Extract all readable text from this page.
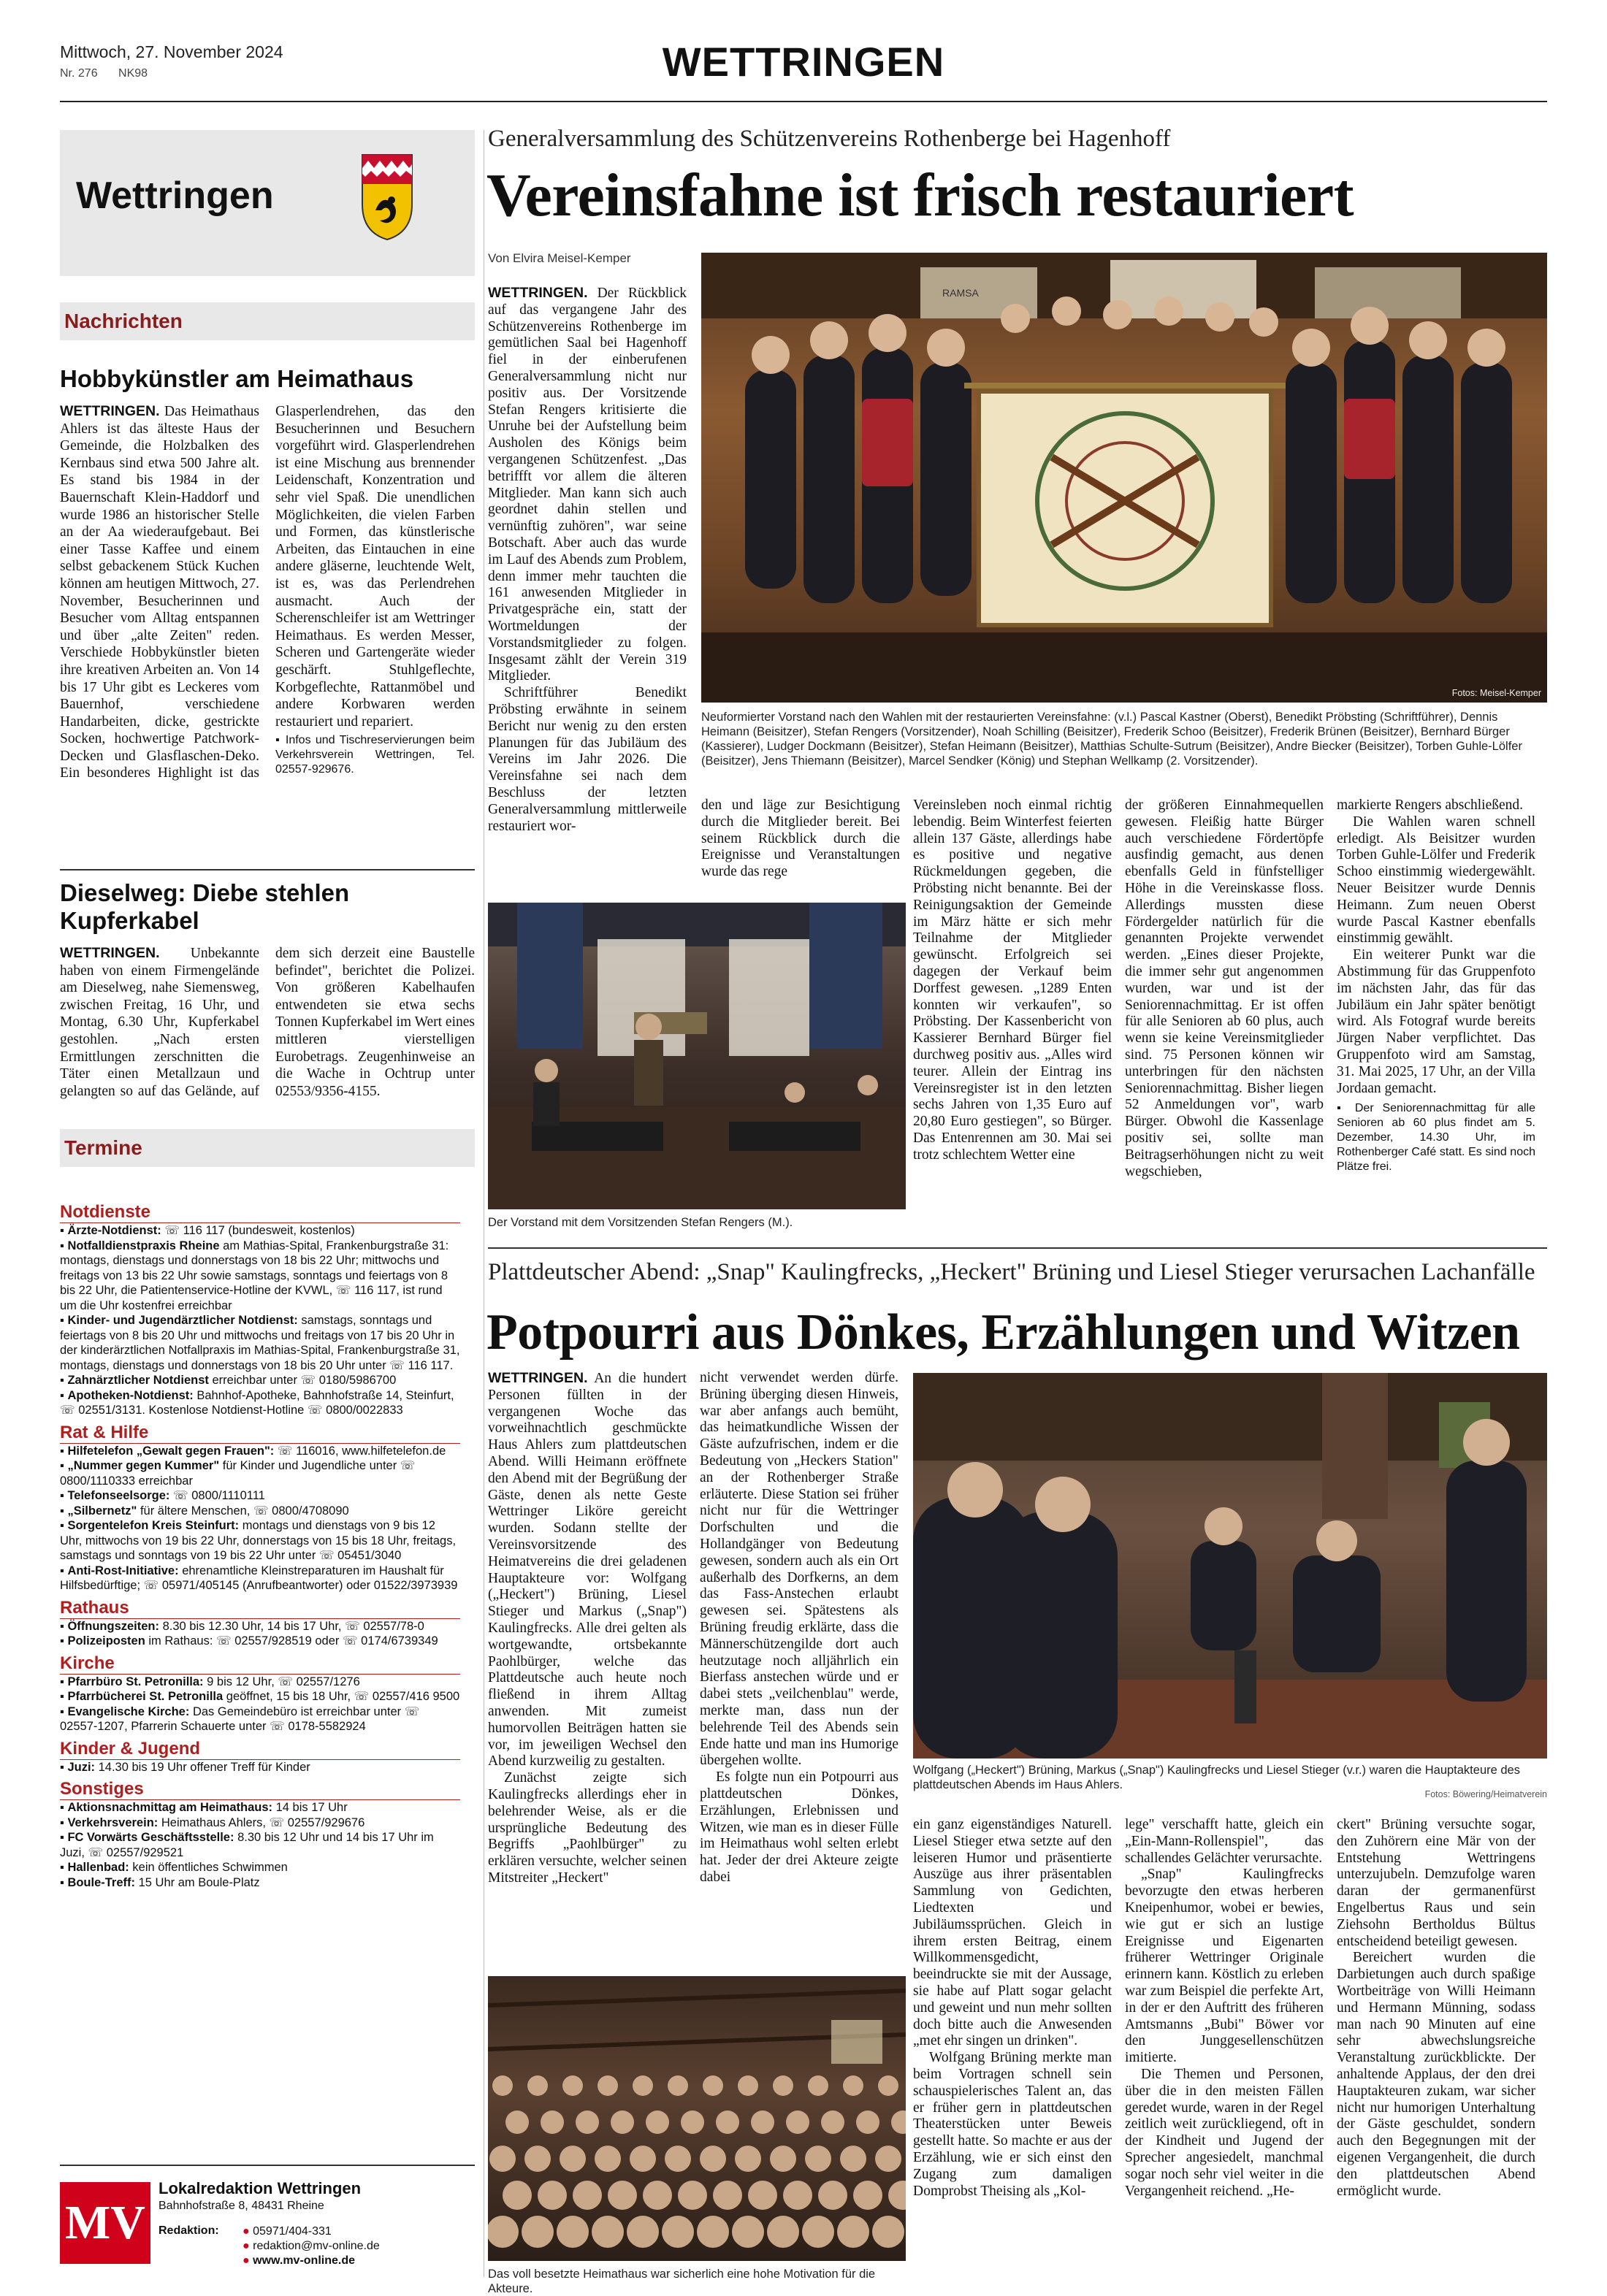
Mittwoch, 27. November 2024
Nr. 276 NK98	WETTRINGEN
Wettringen
Nachrichten
Hobbykünstler am Heimathaus
WETTRINGEN. Das Heimathaus Ahlers ist das älteste Haus der Gemeinde, die Holzbalken des Kernbaus sind etwa 500 Jahre alt. Es stand bis 1984 in der Bauernschaft Klein-Haddorf und wurde 1986 an historischer Stelle an der Aa wiederaufgebaut. Bei einer Tasse Kaffee und einem selbst gebackenem Stück Kuchen können am heutigen Mittwoch, 27. November, Besucherinnen und Besucher vom Alltag entspannen und über „alte Zeiten" reden. Verschiede Hobbykünstler bieten ihre kreativen Arbeiten an. Von 14 bis 17 Uhr gibt es Leckeres vom Bauernhof, verschiedene Handarbeiten, dicke, gestrickte Socken, hochwertige Patchwork-Decken und Glasflaschen-Deko. Ein besonderes Highlight ist das Glasperlendrehen, das den Besucherinnen und Besuchern vorgeführt wird. Glasperlendrehen ist eine Mischung aus brennender Leidenschaft, Konzentration und sehr viel Spaß. Die unendlichen Möglichkeiten, die vielen Farben und Formen, das künstlerische Arbeiten, das Eintauchen in eine andere gläserne, leuchtende Welt, ist es, was das Perlendrehen ausmacht. Auch der Scherenschleifer ist am Wettringer Heimathaus. Es werden Messer, Scheren und Gartengeräte wieder geschärft. Stuhlgeflechte, Korbgeflechte, Rattanmöbel und andere Korbwaren werden restauriert und repariert.
▪ Infos und Tischreservierungen beim Verkehrsverein Wettringen, Tel. 02557-929676.
Dieselweg: Diebe stehlen Kupferkabel
WETTRINGEN. Unbekannte haben von einem Firmengelände am Dieselweg, nahe Siemensweg, zwischen Freitag, 16 Uhr, und Montag, 6.30 Uhr, Kupferkabel gestohlen. „Nach ersten Ermittlungen zerschnitten die Täter einen Metallzaun und gelangten so auf das Gelände, auf dem sich derzeit eine Baustelle befindet", berichtet die Polizei. Von größeren Kabelhaufen entwendeten sie etwa sechs Tonnen Kupferkabel im Wert eines mittleren vierstelligen Eurobetrags. Zeugenhinweise an die Wache in Ochtrup unter 02553/9356-4155.
Termine
Notdienste
▪ Ärzte-Notdienst: ☏ 116 117 (bundesweit, kostenlos)
▪ Notfalldienstpraxis Rheine am Mathias-Spital, Frankenburgstraße 31: montags, dienstags und donnerstags von 18 bis 22 Uhr; mittwochs und freitags von 13 bis 22 Uhr sowie samstags, sonntags und feiertags von 8 bis 22 Uhr, die Patientenservice-Hotline der KVWL, ☏ 116 117, ist rund um die Uhr kostenfrei erreichbar
▪ Kinder- und Jugendärztlicher Notdienst: samstags, sonntags und feiertags von 8 bis 20 Uhr und mittwochs und freitags von 17 bis 20 Uhr in der kinderärztlichen Notfallpraxis im Mathias-Spital, Frankenburgstraße 31, montags, dienstags und donnerstags von 18 bis 20 Uhr unter ☏ 116 117.
▪ Zahnärztlicher Notdienst erreichbar unter ☏ 0180/5986700
▪ Apotheken-Notdienst: Bahnhof-Apotheke, Bahnhofstraße 14, Steinfurt, ☏ 02551/3131. Kostenlose Notdienst-Hotline ☏ 0800/0022833
Rat & Hilfe
▪ Hilfetelefon „Gewalt gegen Frauen": ☏ 116016, www.hilfetelefon.de
▪ „Nummer gegen Kummer" für Kinder und Jugendliche unter ☏ 0800/1110333 erreichbar
▪ Telefonseelsorge: ☏ 0800/1110111
▪ „Silbernetz" für ältere Menschen, ☏ 0800/4708090
▪ Sorgentelefon Kreis Steinfurt: montags und dienstags von 9 bis 12 Uhr, mittwochs von 19 bis 22 Uhr, donnerstags von 15 bis 18 Uhr, freitags, samstags und sonntags von 19 bis 22 Uhr unter ☏ 05451/3040
▪ Anti-Rost-Initiative: ehrenamtliche Kleinstreparaturen im Haushalt für Hilfsbedürftige; ☏ 05971/405145 (Anrufbeantworter) oder 01522/3973939
Rathaus
▪ Öffnungszeiten: 8.30 bis 12.30 Uhr, 14 bis 17 Uhr, ☏ 02557/78-0
▪ Polizeiposten im Rathaus: ☏ 02557/928519 oder ☏ 0174/6739349
Kirche
▪ Pfarrbüro St. Petronilla: 9 bis 12 Uhr, ☏ 02557/1276
▪ Pfarrbücherei St. Petronilla geöffnet, 15 bis 18 Uhr, ☏ 02557/416 9500
▪ Evangelische Kirche: Das Gemeindebüro ist erreichbar unter ☏ 02557-1207, Pfarrerin Schauerte unter ☏ 0178-5582924
Kinder & Jugend
▪ Juzi: 14.30 bis 19 Uhr offener Treff für Kinder
Sonstiges
▪ Aktionsnachmittag am Heimathaus: 14 bis 17 Uhr
▪ Verkehrsverein: Heimathaus Ahlers, ☏ 02557/929676
▪ FC Vorwärts Geschäftsstelle: 8.30 bis 12 Uhr und 14 bis 17 Uhr im Juzi, ☏ 02557/929521
▪ Hallenbad: kein öffentliches Schwimmen
▪ Boule-Treff: 15 Uhr am Boule-Platz
MV
Lokalredaktion Wettringen
Bahnhofstraße 8, 48431 Rheine
Redaktion: ● 05971/404-331
● redaktion@mv-online.de
● www.mv-online.de
Generalversammlung des Schützenvereins Rothenberge bei Hagenhoff
Vereinsfahne ist frisch restauriert
Von Elvira Meisel-Kemper
WETTRINGEN. Der Rückblick auf das vergangene Jahr des Schützenvereins Rothenberge im gemütlichen Saal bei Hagenhoff fiel in der einberufenen Generalversammlung nicht nur positiv aus. Der Vorsitzende Stefan Rengers kritisierte die Unruhe bei der Aufstellung beim Ausholen des Königs beim vergangenen Schützenfest. „Das betriffft vor allem die älteren Mitglieder. Man kann sich auch geordnet dahin stellen und vernünftig zuhören", war seine Botschaft. Aber auch das wurde im Lauf des Abends zum Problem, denn immer mehr tauchten die 161 anwesenden Mitglieder in Privatgespräche ein, statt der Wortmeldungen der Vorstandsmitglieder zu folgen. Insgesamt zählt der Verein 319 Mitglieder.
Schriftführer Benedikt Pröbsting erwähnte in seinem Bericht nur wenig zu den ersten Planungen für das Jubiläum des Vereins im Jahr 2026. Die Vereinsfahne sei nach dem Beschluss der letzten Generalversammlung mittlerweile restauriert wor-
RAMSA
Neuformierter Vorstand nach den Wahlen mit der restaurierten Vereinsfahne: (v.l.) Pascal Kastner (Oberst), Benedikt Pröbsting (Schriftführer), Dennis Heimann (Beisitzer), Stefan Rengers (Vorsitzender), Noah Schilling (Beisitzer), Frederik Schoo (Beisitzer), Frederik Brünen (Beisitzer), Bernhard Bürger (Kassierer), Ludger Dockmann (Beisitzer), Stefan Heimann (Beisitzer), Matthias Schulte-Sutrum (Beisitzer), Andre Biecker (Beisitzer), Torben Guhle-Lölfer (Beisitzer), Jens Thiemann (Beisitzer), Marcel Sendker (König) und Stephan Wellkamp (2. Vorsitzender).
Fotos: Meisel-Kemper
Der Vorstand mit dem Vorsitzenden Stefan Rengers (M.).
den und läge zur Besichtigung durch die Mitglieder bereit. Bei seinem Rückblick durch die Ereignisse und Veranstaltungen wurde das rege
Vereinsleben noch einmal richtig lebendig. Beim Winterfest feierten allein 137 Gäste, allerdings habe es positive und negative Rückmeldungen gegeben, die Pröbsting nicht benannte. Bei der Reinigungsaktion der Gemeinde im März hätte er sich mehr Teilnahme der Mitglieder gewünscht. Erfolgreich sei dagegen der Verkauf beim Dorffest gewesen. „1289 Enten konnten wir verkaufen", so Pröbsting. Der Kassenbericht von Kassierer Bernhard Bürger fiel durchweg positiv aus. „Alles wird teurer. Allein der Eintrag ins Vereinsregister ist in den letzten sechs Jahren von 1,35 Euro auf 20,80 Euro gestiegen", so Bürger. Das Entenrennen am 30. Mai sei trotz schlechtem Wetter eine
der größeren Einnahmequellen gewesen. Fleißig hatte Bürger auch verschiedene Fördertöpfe ausfindig gemacht, aus denen ebenfalls Geld in fünfstelliger Höhe in die Vereinskasse floss. Allerdings mussten diese Fördergelder natürlich für die genannten Projekte verwendet werden. „Eines dieser Projekte, die immer sehr gut angenommen wurden, war und ist der Seniorennachmittag. Er ist offen für alle Senioren ab 60 plus, auch wenn sie keine Vereinsmitglieder sind. 75 Personen können wir unterbringen für den nächsten Seniorennachmittag. Bisher liegen 52 Anmeldungen vor", warb Bürger. Obwohl die Kassenlage positiv sei, sollte man Beitragserhöhungen nicht zu weit wegschieben,
markierte Rengers abschließend.
Die Wahlen waren schnell erledigt. Als Beisitzer wurden Torben Guhle-Lölfer und Frederik Schoo einstimmig wiedergewählt. Neuer Beisitzer wurde Dennis Heimann. Zum neuen Oberst wurde Pascal Kastner ebenfalls einstimmig gewählt.
Ein weiterer Punkt war die Abstimmung für das Gruppenfoto im nächsten Jahr, das für das Jubiläum ein Jahr später benötigt wird. Als Fotograf wurde bereits Jürgen Naber verpflichtet. Das Gruppenfoto wird am Samstag, 31. Mai 2025, 17 Uhr, an der Villa Jordaan gemacht.
▪ Der Seniorennachmittag für alle Senioren ab 60 plus findet am 5. Dezember, 14.30 Uhr, im Rothenberger Café statt. Es sind noch Plätze frei.
Plattdeutscher Abend: „Snap" Kaulingfrecks, „Heckert" Brüning und Liesel Stieger verursachen Lachanfälle
Potpourri aus Dönkes, Erzählungen und Witzen
WETTRINGEN. An die hundert Personen füllten in der vergangenen Woche das vorweihnachtlich geschmückte Haus Ahlers zum plattdeutschen Abend. Willi Heimann eröffnete den Abend mit der Begrüßung der Gäste, denen als nette Geste Wettringer Liköre gereicht wurden. Sodann stellte der Vereinsvorsitzende des Heimatvereins die drei geladenen Hauptakteure vor: Wolfgang („Heckert") Brüning, Liesel Stieger und Markus („Snap") Kaulingfrecks. Alle drei gelten als wortgewandte, ortsbekannte Paohlbürger, welche das Plattdeutsche auch heute noch fließend in ihrem Alltag anwenden. Mit zumeist humorvollen Beiträgen hatten sie vor, im jeweiligen Wechsel den Abend kurzweilig zu gestalten.
Zunächst zeigte sich Kaulingfrecks allerdings eher in belehrender Weise, als er die ursprüngliche Bedeutung des Begriffs „Paohlbürger" zu erklären versuchte, welcher seinen Mitstreiter „Heckert"
nicht verwendet werden dürfe. Brüning überging diesen Hinweis, war aber anfangs auch bemüht, das heimatkundliche Wissen der Gäste aufzufrischen, indem er die Bedeutung von „Heckers Station" an der Rothenberger Straße erläuterte. Diese Station sei früher nicht nur für die Wettringer Dorfschulten und die Hollandgänger von Bedeutung gewesen, sondern auch als ein Ort außerhalb des Dorfkerns, an dem das Fass-Anstechen erlaubt gewesen sei. Spätestens als Brüning freudig erklärte, dass die Männerschützengilde dort auch heutzutage noch alljährlich ein Bierfass anstechen würde und er dabei stets „veilchenblau" werde, merkte man, dass nun der belehrende Teil des Abends sein Ende hatte und man ins Humorige übergehen wollte.
Es folgte nun ein Potpourri aus plattdeutschen Dönkes, Erzählungen, Erlebnissen und Witzen, wie man es in dieser Fülle im Heimathaus wohl selten erlebt hat. Jeder der drei Akteure zeigte dabei
Wolfgang („Heckert") Brüning, Markus („Snap") Kaulingfrecks und Liesel Stieger (v.r.) waren die Hauptakteure des plattdeutschen Abends im Haus Ahlers.
Fotos: Böwering/Heimatverein
Das voll besetzte Heimathaus war sicherlich eine hohe Motivation für die Akteure.
ein ganz eigenständiges Naturell. Liesel Stieger etwa setzte auf den leiseren Humor und präsentierte Auszüge aus ihrer präsentablen Sammlung von Gedichten, Liedtexten und Jubiläumssprüchen. Gleich in ihrem ersten Beitrag, einem Willkommensgedicht, beeindruckte sie mit der Aussage, sie habe auf Platt sogar gelacht und geweint und nun mehr sollten doch bitte auch die Anwesenden „met ehr singen un drinken".
Wolfgang Brüning merkte man beim Vortragen schnell sein schauspielerisches Talent an, das er früher gern in plattdeutschen Theaterstücken unter Beweis gestellt hatte. So machte er aus der Erzählung, wie er sich einst den Zugang zum damaligen Domprobst Theising als „Kol-
lege" verschafft hatte, gleich ein „Ein-Mann-Rollenspiel", das schallendes Gelächter verursachte.
„Snap" Kaulingfrecks bevorzugte den etwas herberen Kneipenhumor, wobei er bewies, wie gut er sich an lustige Ereignisse und Eigenarten früherer Wettringer Originale erinnern kann. Köstlich zu erleben war zum Beispiel die perfekte Art, in der er den Auftritt des früheren Amtsmanns „Bubi" Böwer vor den Junggesellenschützen imitierte.
Die Themen und Personen, über die in den meisten Fällen geredet wurde, waren in der Regel zeitlich weit zurückliegend, oft in der Kindheit und Jugend der Sprecher angesiedelt, manchmal sogar noch sehr viel weiter in die Vergangenheit reichend. „He-
ckert" Brüning versuchte sogar, den Zuhörern eine Mär von der Entstehung Wettringens unterzujubeln. Demzufolge waren daran der germanenfürst Engelbertus Raus und sein Ziehsohn Bertholdus Bültus entscheidend beteiligt gewesen.
Bereichert wurden die Darbietungen auch durch spaßige Wortbeiträge von Willi Heimann und Hermann Münning, sodass man nach 90 Minuten auf eine sehr abwechslungsreiche Veranstaltung zurückblickte. Der anhaltende Applaus, der den drei Hauptakteuren zukam, war sicher nicht nur humorigen Unterhaltung der Gäste geschuldet, sondern auch den Begegnungen mit der eigenen Vergangenheit, die durch den plattdeutschen Abend ermöglicht wurde.
